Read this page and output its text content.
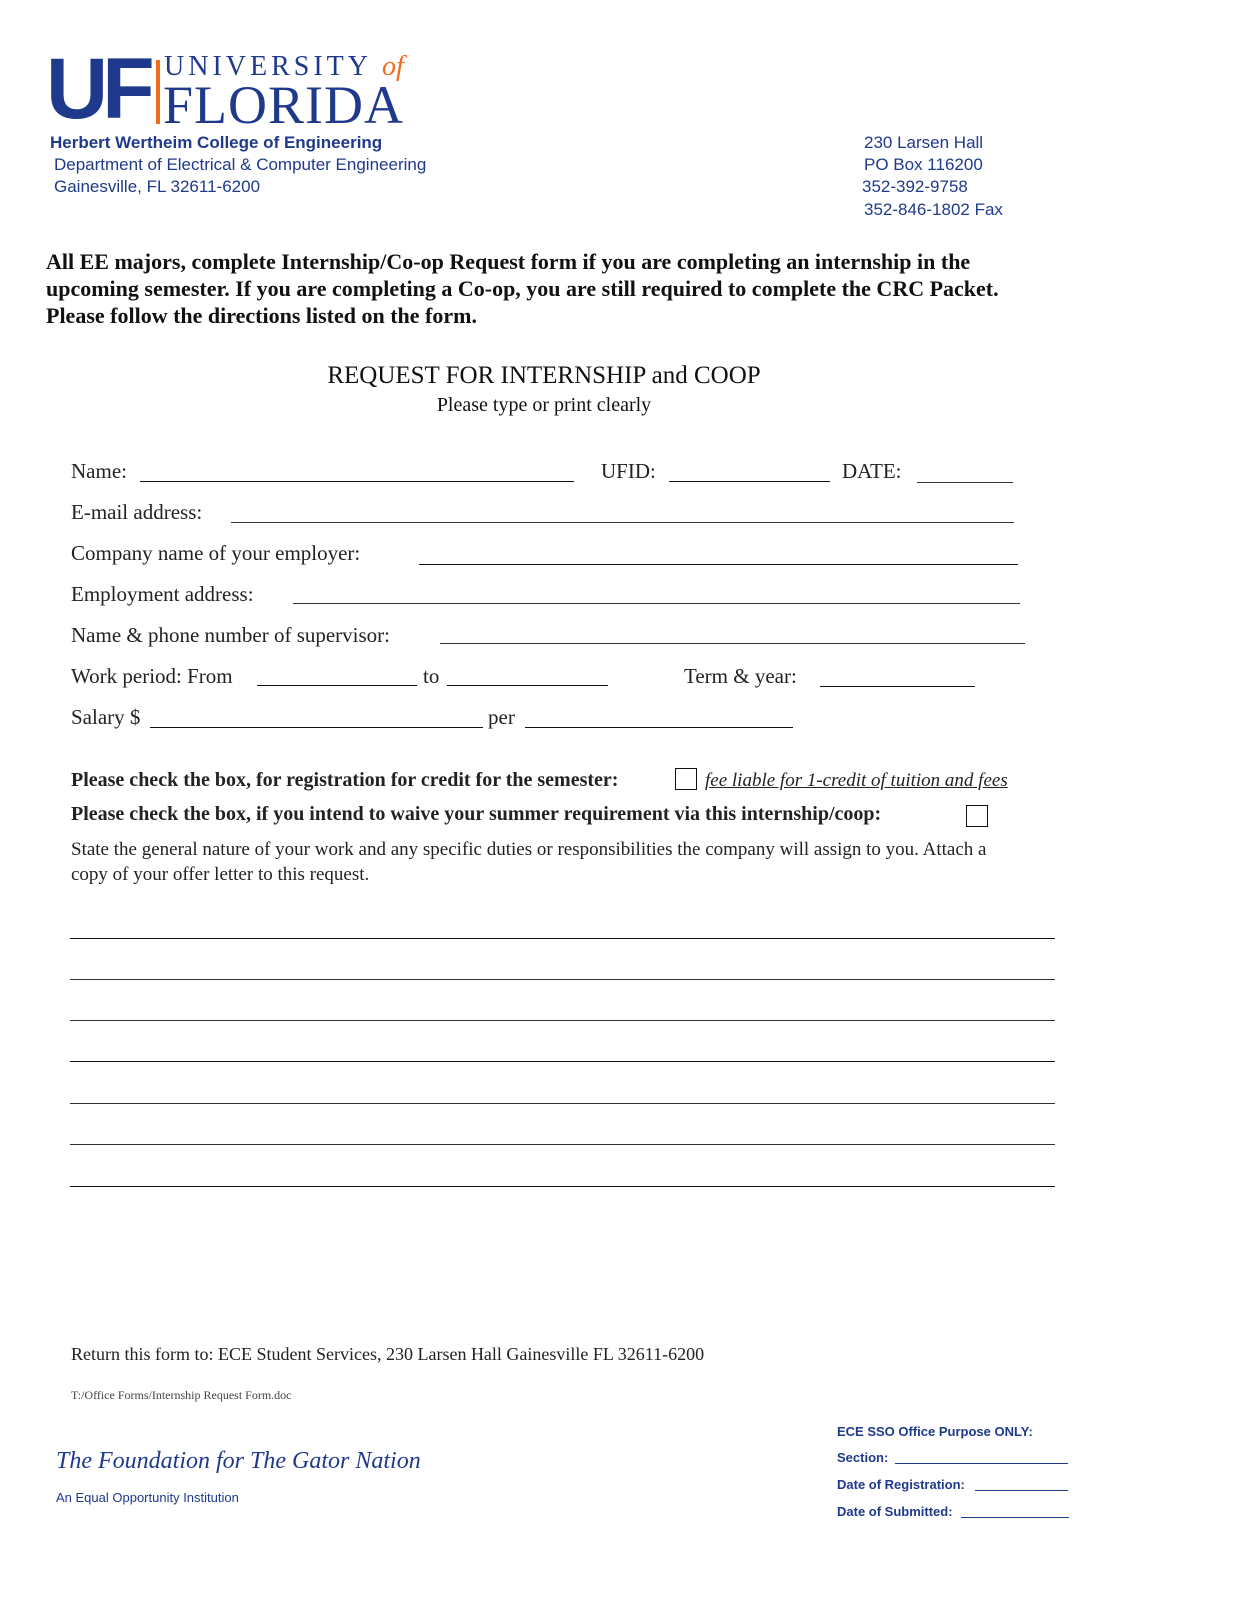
UF UNIVERSITY of
FLORIDA
Herbert Wertheim College of Engineering
Department of Electrical & Computer Engineering
Gainesville, FL 32611-6200
230 Larsen Hall
PO Box 116200
352-392-9758
352-846-1802 Fax
All EE majors, complete Internship/Co-op Request form if you are completing an internship in the upcoming semester. If you are completing a Co-op, you are still required to complete the CRC Packet. Please follow the directions listed on the form.
REQUEST FOR INTERNSHIP and COOP
Please type or print clearly
Name:	UFID:	DATE:
E-mail address:
Company name of your employer:
Employment address:
Name & phone number of supervisor:
Work period: From	to	Term & year:
Salary $	per
Please check the box, for registration for credit for the semester:	fee liable for 1-credit of tuition and fees
Please check the box, if you intend to waive your summer requirement via this internship/coop:
State the general nature of your work and any specific duties or responsibilities the company will assign to you. Attach a copy of your offer letter to this request.
Return this form to: ECE Student Services, 230 Larsen Hall Gainesville FL 32611-6200
T:/Office Forms/Internship Request Form.doc
The Foundation for The Gator Nation
An Equal Opportunity Institution
ECE SSO Office Purpose ONLY:
Section:
Date of Registration:
Date of Submitted:
